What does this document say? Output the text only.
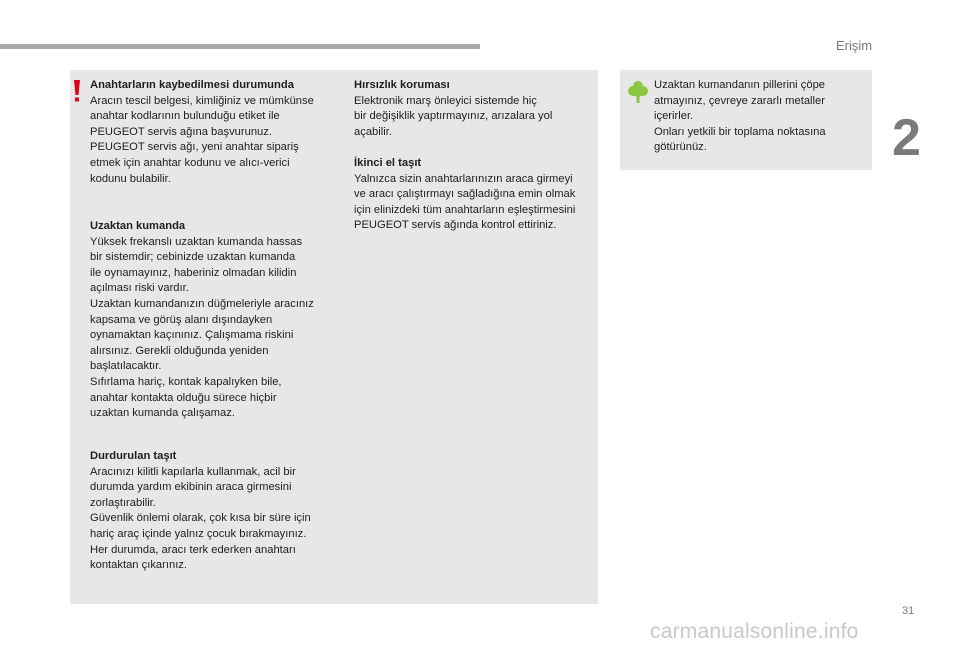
Erişim
2
Anahtarların kaybedilmesi durumunda

Aracın tescil belgesi, kimliğiniz ve mümkünse
anahtar kodlarının bulunduğu etiket ile
PEUGEOT servis ağına başvurunuz.
PEUGEOT servis ağı, yeni anahtar sipariş
etmek için anahtar kodunu ve alıcı-verici
kodunu bulabilir.

Uzaktan kumanda

Yüksek frekanslı uzaktan kumanda hassas
bir sistemdir; cebinizde uzaktan kumanda
ile oynamayınız, haberiniz olmadan kilidin
açılması riski vardır.
Uzaktan kumandanızın düğmeleriyle aracınız
kapsama ve görüş alanı dışındayken
oynamaktan kaçınınız. Çalışmama riskini
alırsınız. Gerekli olduğunda yeniden
başlatılacaktır.
Sıfırlama hariç, kontak kapalıyken bile,
anahtar kontakta olduğu sürece hiçbir
uzaktan kumanda çalışamaz.

Durdurulan taşıt

Aracınızı kilitli kapılarla kullanmak, acil bir
durumda yardım ekibinin araca girmesini
zorlaştırabilir.
Güvenlik önlemi olarak, çok kısa bir süre için
hariç araç içinde yalnız çocuk bırakmayınız.
Her durumda, aracı terk ederken anahtarı
kontaktan çıkarınız.

Hırsızlık koruması

Elektronik marş önleyici sistemde hiç
bir değişiklik yaptırmayınız, arızalara yol
açabilir.

İkinci el taşıt

Yalnızca sizin anahtarlarınızın araca girmeyi
ve aracı çalıştırmayı sağladığına emin olmak
için elinizdeki tüm anahtarların eşleştirmesini
PEUGEOT servis ağında kontrol ettiriniz.

Uzaktan kumandanın pillerini çöpe
atmayınız, çevreye zararlı metaller
içerirler.
Onları yetkili bir toplama noktasına
götürünüz.

31
carmanualsonline.info
